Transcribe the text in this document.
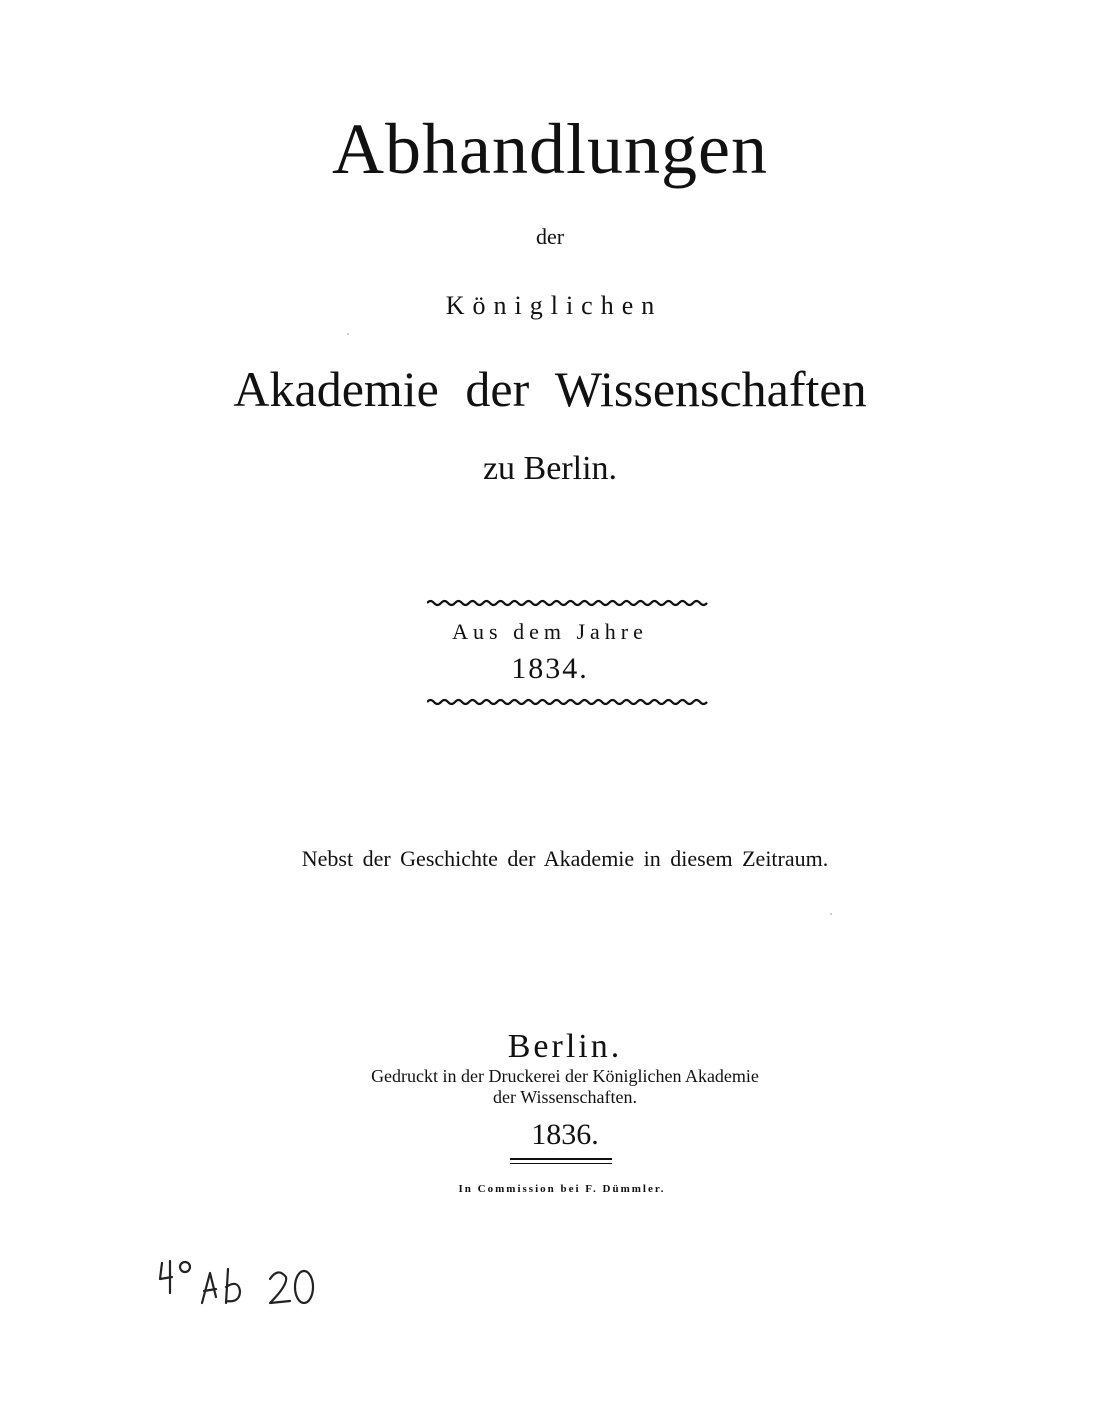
Abhandlungen
der
Königlichen
Akademie der Wissenschaften
zu Berlin.
Aus dem Jahre
1834.
Nebst der Geschichte der Akademie in diesem Zeitraum.
Berlin.
Gedruckt in der Druckerei der Königlichen Akademie
der Wissenschaften.
1836.
In Commission bei F. Dümmler.
